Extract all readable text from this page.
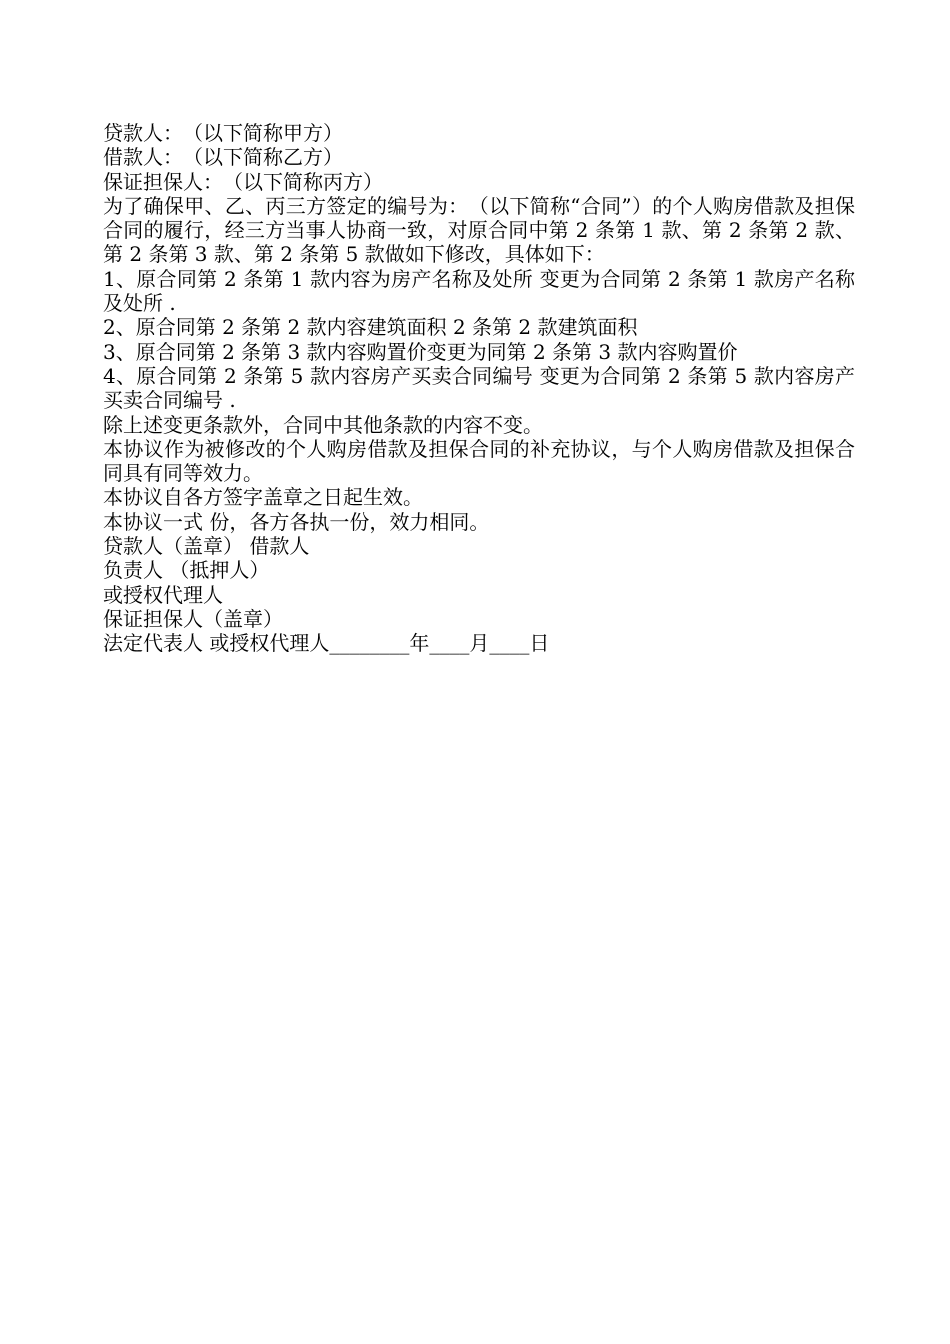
贷款人：　（以下简称甲方）

借款人：　（以下简称乙方）

保证担保人：　（以下简称丙方）

为了确保甲、乙、丙三方签定的编号为：　（以下简称“合同”）的个人购房借款及担保合同的履行，经三方当事人协商一致，对原合同中第 2 条第 1 款、第 2 条第 2 款、第 2 条第 3 款、第 2 条第 5 款做如下修改，具体如下：

1、原合同第 2 条第 1 款内容为房产名称及处所 变更为合同第 2 条第 1 款房产名称及处所 .

2、原合同第 2 条第 2 款内容建筑面积 2 条第 2 款建筑面积

3、原合同第 2 条第 3 款内容购置价变更为同第 2 条第 3 款内容购置价

4、原合同第 2 条第 5 款内容房产买卖合同编号 变更为合同第 2 条第 5 款内容房产买卖合同编号 .

除上述变更条款外，合同中其他条款的内容不变。

本协议作为被修改的个人购房借款及担保合同的补充协议，与个人购房借款及担保合同具有同等效力。

本协议自各方签字盖章之日起生效。

本协议一式 份，各方各执一份，效力相同。

贷款人（盖章） 借款人

负责人 （抵押人）

或授权代理人

保证担保人（盖章）

法定代表人 或授权代理人________年____月____日
